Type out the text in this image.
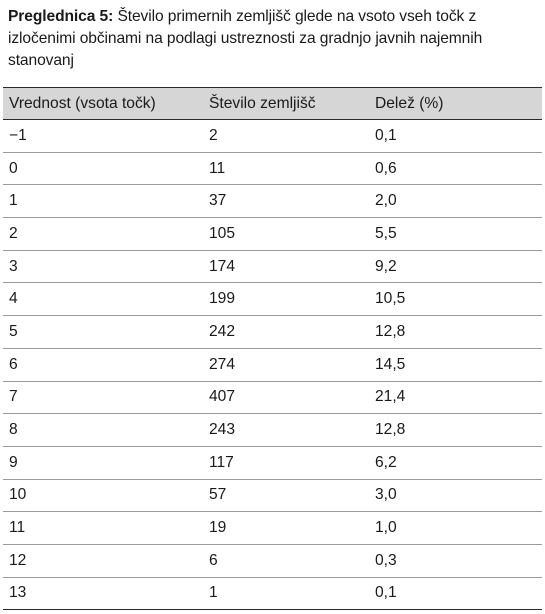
Preglednica 5: Število primernih zemljišč glede na vsoto vseh točk z izločenimi občinami na podlagi ustreznosti za gradnjo javnih najemnih stanovanj
Vrednost (vsota točk)	Število zemljišč	Delež (%)
−1	2	0,1
0	11	0,6
1	37	2,0
2	105	5,5
3	174	9,2
4	199	10,5
5	242	12,8
6	274	14,5
7	407	21,4
8	243	12,8
9	117	6,2
10	57	3,0
11	19	1,0
12	6	0,3
13	1	0,1
